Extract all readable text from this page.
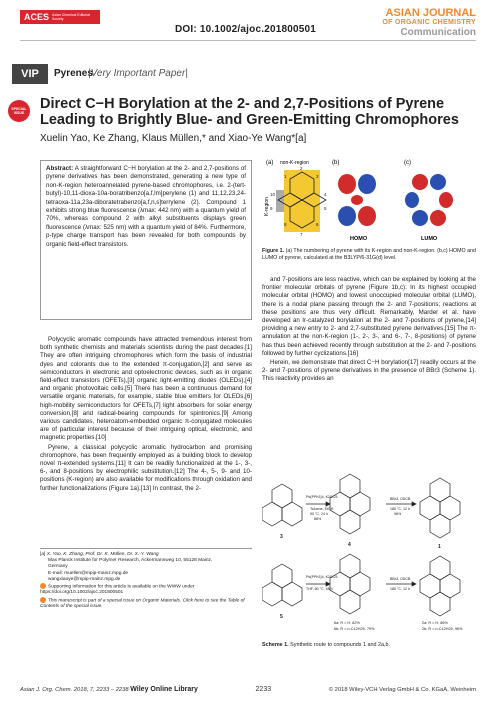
ACES Asian Chemical Editorial Society
DOI: 10.1002/ajoc.201800501
ASIAN JOURNAL
OF ORGANIC CHEMISTRY
Communication
VIP	Pyrenes
|Very Important Paper|
SPECIAL ISSUE
Direct C−H Borylation at the 2- and 2,7-Positions of Pyrene Leading to Brightly Blue- and Green-Emitting Chromophores
Xuelin Yao, Ke Zhang, Klaus Müllen,* and Xiao-Ye Wang*[a]
Abstract: A straightforward C−H borylation at the 2- and 2,7-positions of pyrene derivatives has been demonstrated, generating a new type of non-K-region heteroannelated pyrene-based chromophores, i.e. 2-(tert-butyl)-10,11-dioxa-10a-boratribenzo[a,f,lm]perylene (1) and 11,12,23,24-tetraoxa-11a,23a-diboratetrabenzo[a,f,n,s]terrylene (2). Compound 1 exhibits strong blue fluorescence (λmax: 442 nm) with a quantum yield of 70%, whereas compound 2 with alkyl substituents displays green fluorescence (λmax: 525 nm) with a quantum yield of 84%. Furthermore, p-type charge transport has been revealed for both compounds by organic field-effect transistors.
(a)	(b)	(c)
non-K-region
K-region
2
3
1
7
6
8
4
5
10
9
HOMO	LUMO
Figure 1. (a) The numbering of pyrene with its K-region and non-K-region. (b,c) HOMO and LUMO of pyrene, calculated at the B3LYP/6-31G(d) level.

Polycyclic aromatic compounds have attracted tremendous interest from both synthetic chemists and materials scientists during the past decades.[1] They are often intriguing chromophores which form the basis of industrial dyes and colorants due to the extended π-conjugation,[2] and serve as semiconductors in electronic and optoelectronic devices, such as in organic field-effect transistors (OFETs),[3] organic light-emitting diodes (OLEDs),[4] and organic photovoltaic cells.[5] There has been a continuous demand for versatile organic materials, for example, stable blue emitters for OLEDs,[6] high-mobility semiconductors for OFETs,[7] light absorbers for solar energy conversion,[8] and radical-bearing compounds for spintronics.[9] Among various candidates, heteroatom-embedded organic π-conjugated molecules are of particular interest because of their intriguing optical, electronic, and magnetic properties.[10]

Pyrene, a classical polycyclic aromatic hydrocarbon and promising chromophore, has been frequently employed as a building block to develop novel π-extended systems.[11] It can be readily functionalized at the 1-, 3-, 6-, and 8-positions by electrophilic substitution.[12] The 4-, 5-, 9- and 10-positions (K-region) are also available for modifications through oxidation and further functionalizations (Figure 1a).[13] In contrast, the 2-

and 7-positions are less reactive, which can be explained by looking at the frontier molecular orbitals of pyrene (Figure 1b,c): In its highest occupied molecular orbital (HOMO) and lowest unoccupied molecular orbital (LUMO), there is a nodal plane passing through the 2- and 7-positions; reactions at these positions are thus very difficult. Remarkably, Marder et al. have developed an Ir-catalyzed borylation at the 2- and 7-positions of pyrene,[14] providing a new entry to 2- and 2,7-substituted pyrene derivatives.[15] The π-annulation at the non-K-region (1-, 2-, 3-, and 6-, 7-, 8-positions) of pyrene has thus been achieved recently through substitution at the 2- and 7-positions followed by further cyclizations.[16]

Herein, we demonstrate that direct C−H borylation[17] readily occurs at the 2- and 7-positions of pyrene derivatives in the presence of BBr3 (Scheme 1). This reactivity provides an

Pd(PPh3)4, K2CO3
Toluene, EtOH
90 °C, 24 h
88%
BBr3, ODCB
180 °C, 12 h
96%
Pd(PPh3)4, K2CO3
THF, 80 °C, 48 h
BBr3, ODCB
180 °C, 12 h
3
4	1
5
6a: R = H, 82%
6b: R = n-C12H25, 79%
2a: R = H, 86%
2b: R = n-C12H25, 96%
Scheme 1. Synthetic route to compounds 1 and 2a,b.
[a] X. Yao, K. Zhang, Prof. Dr. K. Müllen, Dr. X.-Y. Wang
Max Planck Institute for Polymer Research, Ackermannweg 10, 55128 Mainz,
Germany
E-mail: muellen@mpip-mainz.mpg.de
wangxiaoye@mpip-mainz.mpg.de
Supporting information for this article is available on the WWW under https://doi.org/10.1002/ajoc.201800501
This manuscript is part of a special issue on Organic Materials. Click here to see the Table of Contents of the special issue.
Asian J. Org. Chem. 2018, 7, 2233 – 2238 Wiley Online Library	2233	© 2018 Wiley-VCH Verlag GmbH & Co. KGaA, Weinheim
